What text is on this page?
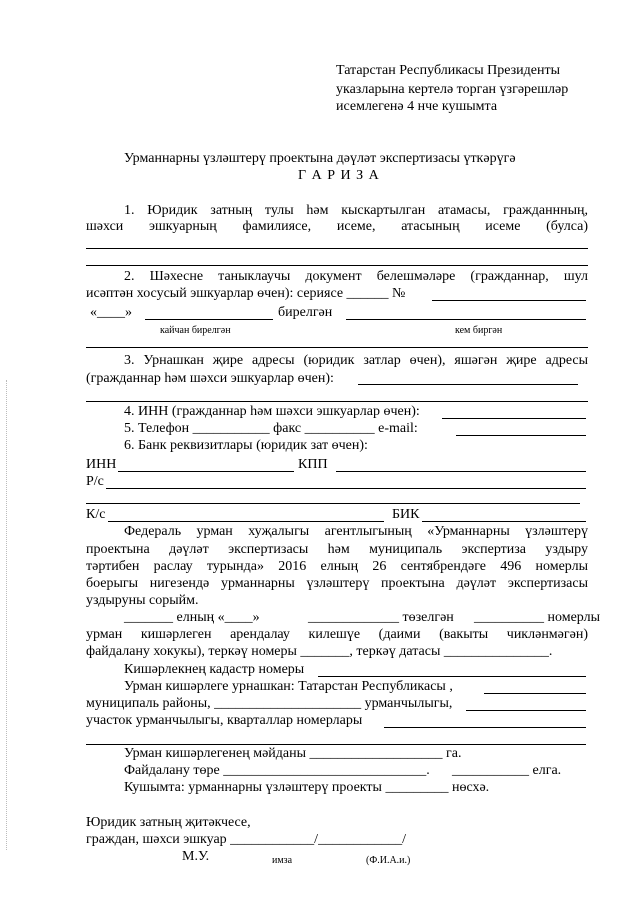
Татарстан Республикасы Президенты
указларына кертелә торган үзгәрешләр
исемлегенә 4 нче кушымта
Урманнарны үзләштерү проектына дәүләт экспертизасы үткәрүгә
Г А Р И З А
1. Юридик затның тулы һәм кыскартылган атамасы, гражданнның,
шәхси эшкуарның фамилиясе, исеме, атасының исеме (булса)
2. Шәхесне таныклаучы документ белешмәләре (гражданнар, шул
исәптән хосусый эшкуарлар өчен): сериясе ______ №
«____»	бирелгән
кайчан бирелгән	кем биргән
3. Урнашкан җире адресы (юридик затлар өчен), яшәгән җире адресы
(гражданнар һәм шәхси эшкуарлар өчен):
4. ИНН (гражданнар һәм шәхси эшкуарлар өчен):
5. Телефон ___________ факс __________ e-mail:
6. Банк реквизитлары (юридик зат өчен):
ИНН	КПП
Р/с
К/с	БИК
Федераль урман хуҗалыгы агентлыгының «Урманнарны үзләштерү
проектына дәүләт экспертизасы һәм муниципаль экспертиза уздыру
тәртибен раслау турында» 2016 елның 26 сентябрендәге 496 номерлы
боерыгы нигезендә урманнарны үзләштерү проектына дәүләт экспертизасы
уздыруны сорыйм.
_______ елның «____»	_____________ төзелгән __________ номерлы
урман кишәрлеген арендалау килешүе (даими (вакыты чикләнмәгән)
файдалану хокукы), теркәү номеры _______, теркәү датасы _______________.
Кишәрлекнең кадастр номеры
Урман кишәрлеге урнашкан: Татарстан Республикасы ,
муниципаль районы, _____________________ урманчылыгы,
участок урманчылыгы, кварталлар номерлары
Урман кишәрлегенең мәйданы ___________________ га.
Файдалану төре _____________________________. ___________ елга.
Кушымта: урманнарны үзләштерү проекты _________ нөсхә.
Юридик затның җитәкчесе,
граждан, шәхси эшкуар ____________/____________/
М.У.	имза	(Ф.И.А.и.)
